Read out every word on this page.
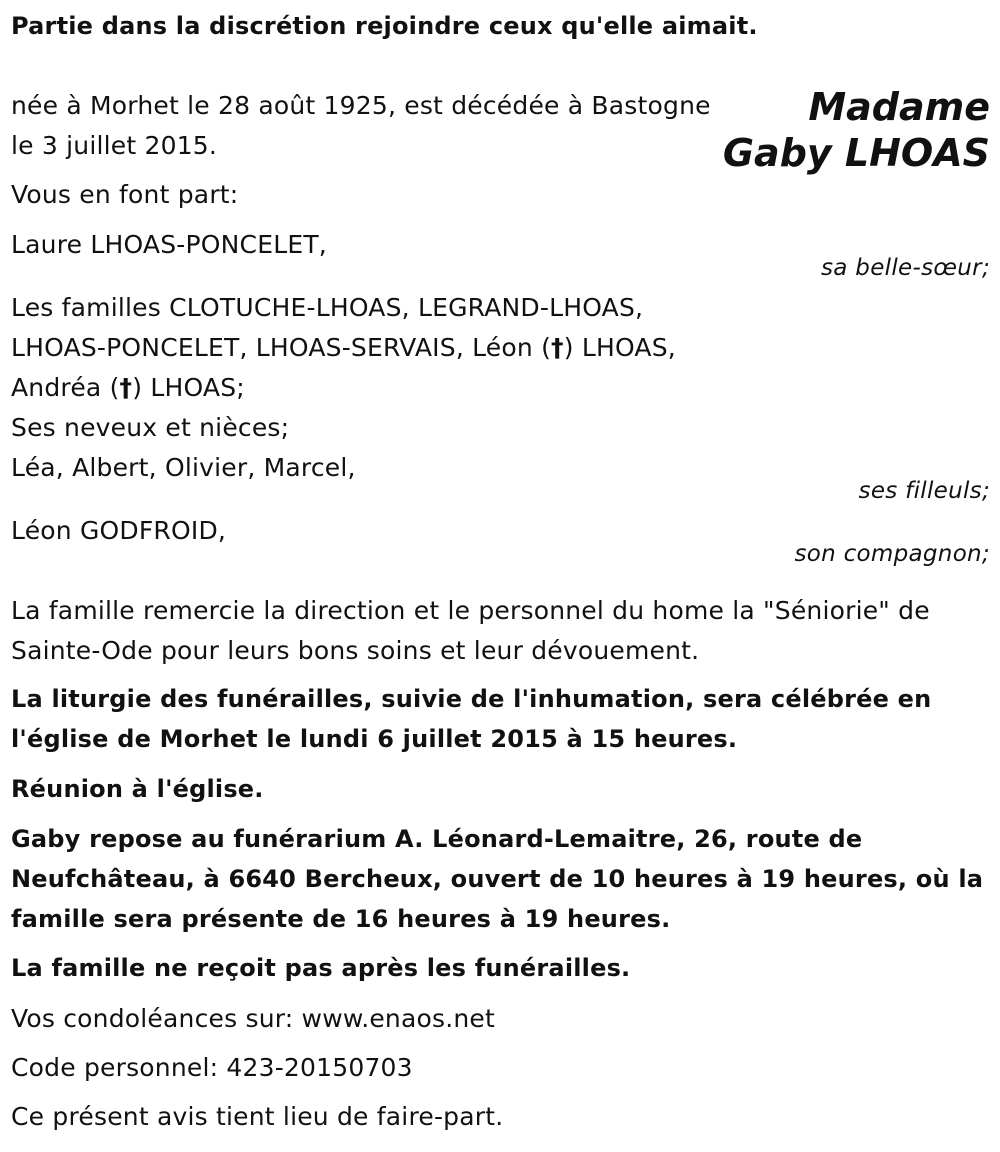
Partie dans la discrétion rejoindre ceux qu'elle aimait.
Madame
Gaby LHOAS
née à Morhet le 28 août 1925, est décédée à Bastogne
le 3 juillet 2015.
Vous en font part:
Laure LHOAS-PONCELET,
sa belle-sœur;
Les familles CLOTUCHE-LHOAS, LEGRAND-LHOAS,
LHOAS-PONCELET, LHOAS-SERVAIS, Léon (†) LHOAS,
Andréa (†) LHOAS;
Ses neveux et nièces;
Léa, Albert, Olivier, Marcel,
ses filleuls;
Léon GODFROID,
son compagnon;
La famille remercie la direction et le personnel du home la "Séniorie" de
Sainte-Ode pour leurs bons soins et leur dévouement.
La liturgie des funérailles, suivie de l'inhumation, sera célébrée en
l'église de Morhet le lundi 6 juillet 2015 à 15 heures.
Réunion à l'église.
Gaby repose au funérarium A. Léonard-Lemaitre, 26, route de
Neufchâteau, à 6640 Bercheux, ouvert de 10 heures à 19 heures, où la
famille sera présente de 16 heures à 19 heures.
La famille ne reçoit pas après les funérailles.
Vos condoléances sur: www.enaos.net
Code personnel: 423-20150703
Ce présent avis tient lieu de faire-part.
